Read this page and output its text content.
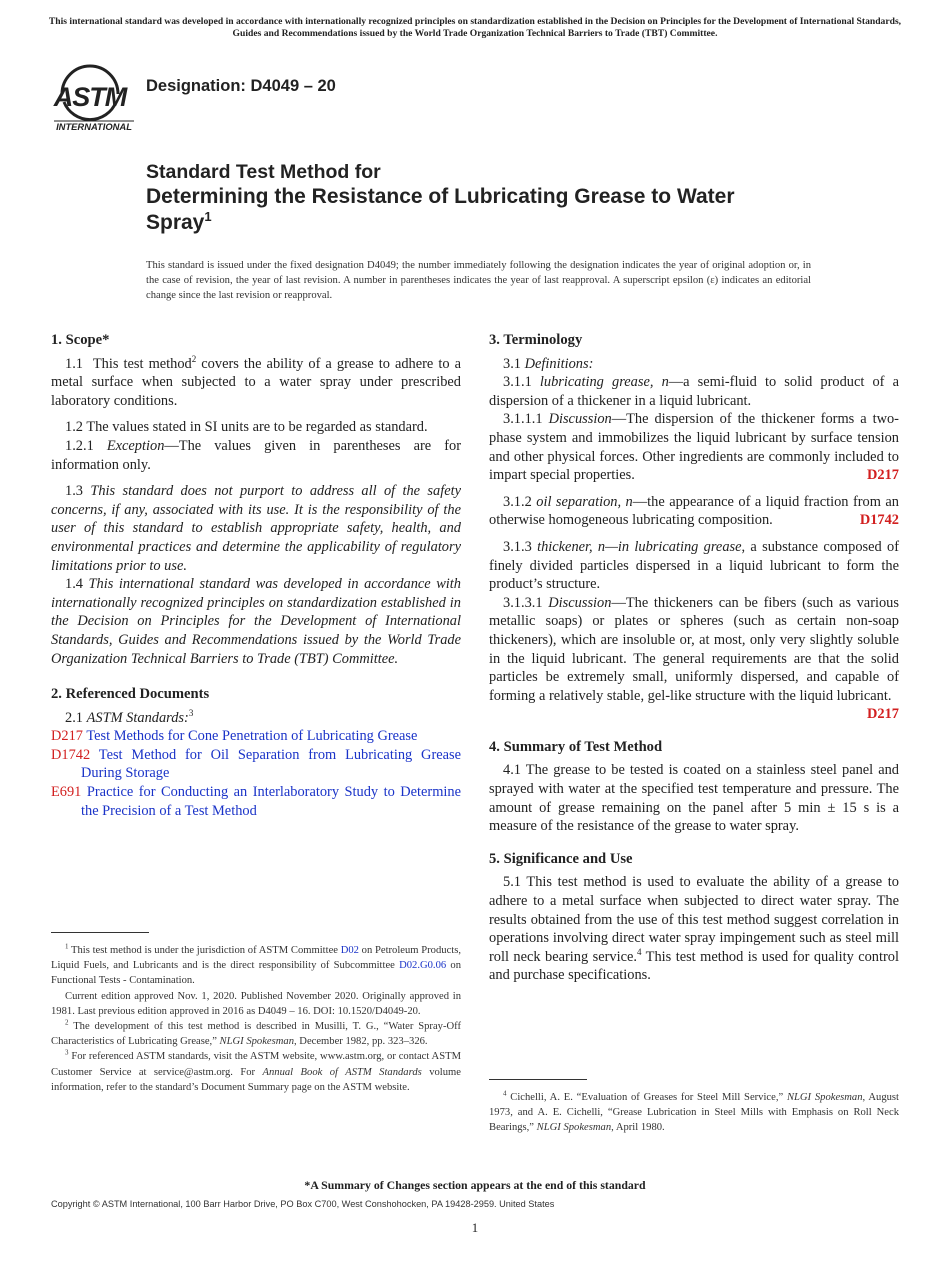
This international standard was developed in accordance with internationally recognized principles on standardization established in the Decision on Principles for the Development of International Standards, Guides and Recommendations issued by the World Trade Organization Technical Barriers to Trade (TBT) Committee.
ASTM
INTERNATIONAL
Designation: D4049 – 20
Standard Test Method for
Determining the Resistance of Lubricating Grease to Water
Spray$^1$
This standard is issued under the fixed designation D4049; the number immediately following the designation indicates the year of original adoption or, in the case of revision, the year of last revision. A number in parentheses indicates the year of last reapproval. A superscript epsilon (ε) indicates an editorial change since the last revision or reapproval.
1. Scope*
1.1 This test method$^2$ covers the ability of a grease to adhere to a metal surface when subjected to a water spray under prescribed laboratory conditions.
1.2 The values stated in SI units are to be regarded as standard.
1.2.1 Exception—The values given in parentheses are for information only.
1.3 This standard does not purport to address all of the safety concerns, if any, associated with its use. It is the responsibility of the user of this standard to establish appropriate safety, health, and environmental practices and determine the applicability of regulatory limitations prior to use.
1.4 This international standard was developed in accordance with internationally recognized principles on standardization established in the Decision on Principles for the Development of International Standards, Guides and Recommendations issued by the World Trade Organization Technical Barriers to Trade (TBT) Committee.
2. Referenced Documents
2.1 ASTM Standards:$^3$
D217 Test Methods for Cone Penetration of Lubricating Grease
D1742 Test Method for Oil Separation from Lubricating Grease During Storage
E691 Practice for Conducting an Interlaboratory Study to Determine the Precision of a Test Method
3. Terminology
3.1 Definitions:
3.1.1 lubricating grease, n—a semi-fluid to solid product of a dispersion of a thickener in a liquid lubricant.
3.1.1.1 Discussion—The dispersion of the thickener forms a two-phase system and immobilizes the liquid lubricant by surface tension and other physical forces. Other ingredients are commonly included to impart special properties.	D217
3.1.2 oil separation, n—the appearance of a liquid fraction from an otherwise homogeneous lubricating composition.	D1742
3.1.3 thickener, n—in lubricating grease, a substance composed of finely divided particles dispersed in a liquid lubricant to form the product’s structure.
3.1.3.1 Discussion—The thickeners can be fibers (such as various metallic soaps) or plates or spheres (such as certain non-soap thickeners), which are insoluble or, at most, only very slightly soluble in the liquid lubricant. The general requirements are that the solid particles be extremely small, uniformly dispersed, and capable of forming a relatively stable, gel-like structure with the liquid lubricant.
D217
4. Summary of Test Method
4.1 The grease to be tested is coated on a stainless steel panel and sprayed with water at the specified test temperature and pressure. The amount of grease remaining on the panel after 5 min ± 15 s is a measure of the resistance of the grease to water spray.
5. Significance and Use
5.1 This test method is used to evaluate the ability of a grease to adhere to a metal surface when subjected to direct water spray. The results obtained from the use of this test method suggest correlation in operations involving direct water spray impingement such as steel mill roll neck bearing service.$^4$ This test method is used for quality control and purchase specifications.
$^1$ This test method is under the jurisdiction of ASTM Committee D02 on Petroleum Products, Liquid Fuels, and Lubricants and is the direct responsibility of Subcommittee D02.G0.06 on Functional Tests - Contamination.
Current edition approved Nov. 1, 2020. Published November 2020. Originally approved in 1981. Last previous edition approved in 2016 as D4049 – 16. DOI: 10.1520/D4049-20.
$^2$ The development of this test method is described in Musilli, T. G., “Water Spray-Off Characteristics of Lubricating Grease,” NLGI Spokesman, December 1982, pp. 323–326.
$^3$ For referenced ASTM standards, visit the ASTM website, www.astm.org, or contact ASTM Customer Service at service@astm.org. For Annual Book of ASTM Standards volume information, refer to the standard’s Document Summary page on the ASTM website.
$^4$ Cichelli, A. E. “Evaluation of Greases for Steel Mill Service,” NLGI Spokesman, August 1973, and A. E. Cichelli, “Grease Lubrication in Steel Mills with Emphasis on Roll Neck Bearings,” NLGI Spokesman, April 1980.
*A Summary of Changes section appears at the end of this standard
Copyright © ASTM International, 100 Barr Harbor Drive, PO Box C700, West Conshohocken, PA 19428-2959. United States
1
